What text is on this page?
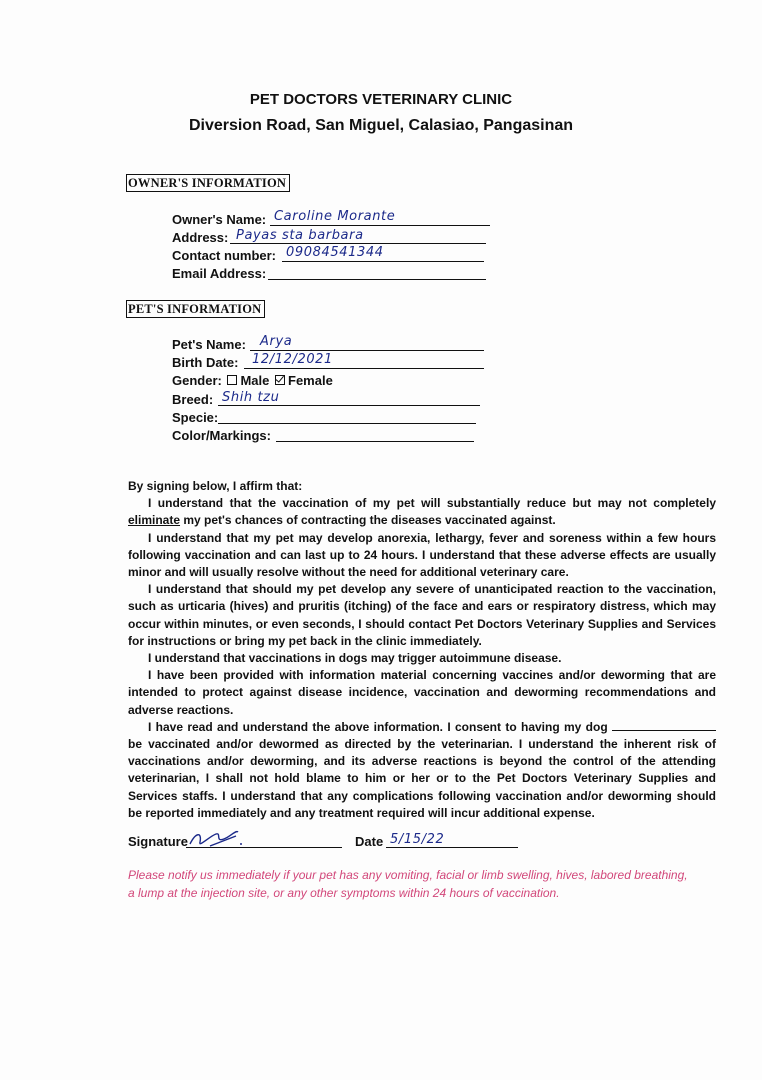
PET DOCTORS VETERINARY CLINIC
Diversion Road, San Miguel, Calasiao, Pangasinan
OWNER'S INFORMATION
Owner's Name: Caroline Morante
Address: Payas sta barbara
Contact number: 09084541344
Email Address:
PET'S INFORMATION
Pet's Name: Arya
Birth Date: 12/12/2021
Gender: Male Female
Breed: Shih tzu
Specie:
Color/Markings:

By signing below, I affirm that:

I understand that the vaccination of my pet will substantially reduce but may not completely eliminate my pet's chances of contracting the diseases vaccinated against.

I understand that my pet may develop anorexia, lethargy, fever and soreness within a few hours following vaccination and can last up to 24 hours. I understand that these adverse effects are usually minor and will usually resolve without the need for additional veterinary care.

I understand that should my pet develop any severe of unanticipated reaction to the vaccination, such as urticaria (hives) and pruritis (itching) of the face and ears or respiratory distress, which may occur within minutes, or even seconds, I should contact Pet Doctors Veterinary Supplies and Services for instructions or bring my pet back in the clinic immediately.

I understand that vaccinations in dogs may trigger autoimmune disease.

I have been provided with information material concerning vaccines and/or deworming that are intended to protect against disease incidence, vaccination and deworming recommendations and adverse reactions.

I have read and understand the above information. I consent to having my dog  be vaccinated and/or dewormed as directed by the veterinarian. I understand the inherent risk of vaccinations and/or deworming, and its adverse reactions is beyond the control of the attending veterinarian, I shall not hold blame to him or her or to the Pet Doctors Veterinary Supplies and Services staffs. I understand that any complications following vaccination and/or deworming should be reported immediately and any treatment required will incur additional expense.

Signature	Date 5/15/22
Please notify us immediately if your pet has any vomiting, facial or limb swelling, hives, labored breathing, a lump at the injection site, or any other symptoms within 24 hours of vaccination.
